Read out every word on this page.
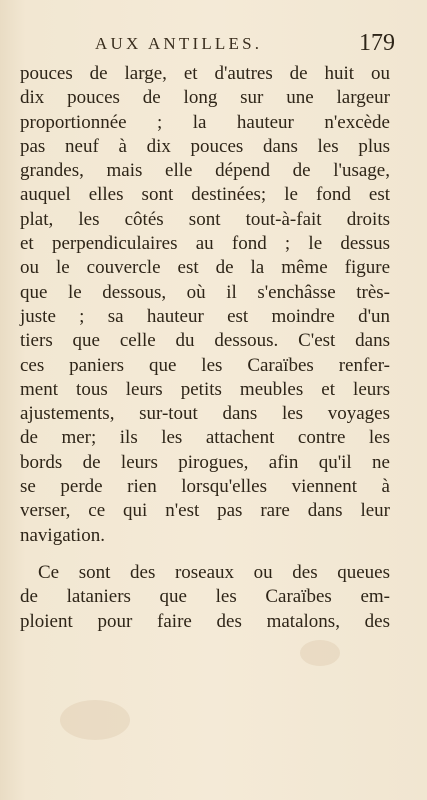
AUX ANTILLES.	179
pouces de large, et d'autres de huit ou
dix pouces de long sur une largeur
proportionnée ; la hauteur n'excède
pas neuf à dix pouces dans les plus
grandes, mais elle dépend de l'usage,
auquel elles sont destinées; le fond est
plat, les côtés sont tout-à-fait droits
et perpendiculaires au fond ; le dessus
ou le couvercle est de la même figure
que le dessous, où il s'enchâsse très-
juste ; sa hauteur est moindre d'un
tiers que celle du dessous. C'est dans
ces paniers que les Caraïbes renfer-
ment tous leurs petits meubles et leurs
ajustements, sur-tout dans les voyages
de mer; ils les attachent contre les
bords de leurs pirogues, afin qu'il ne
se perde rien lorsqu'elles viennent à
verser, ce qui n'est pas rare dans leur
navigation.
Ce sont des roseaux ou des queues
de lataniers que les Caraïbes em-
ploient pour faire des matalons, des
